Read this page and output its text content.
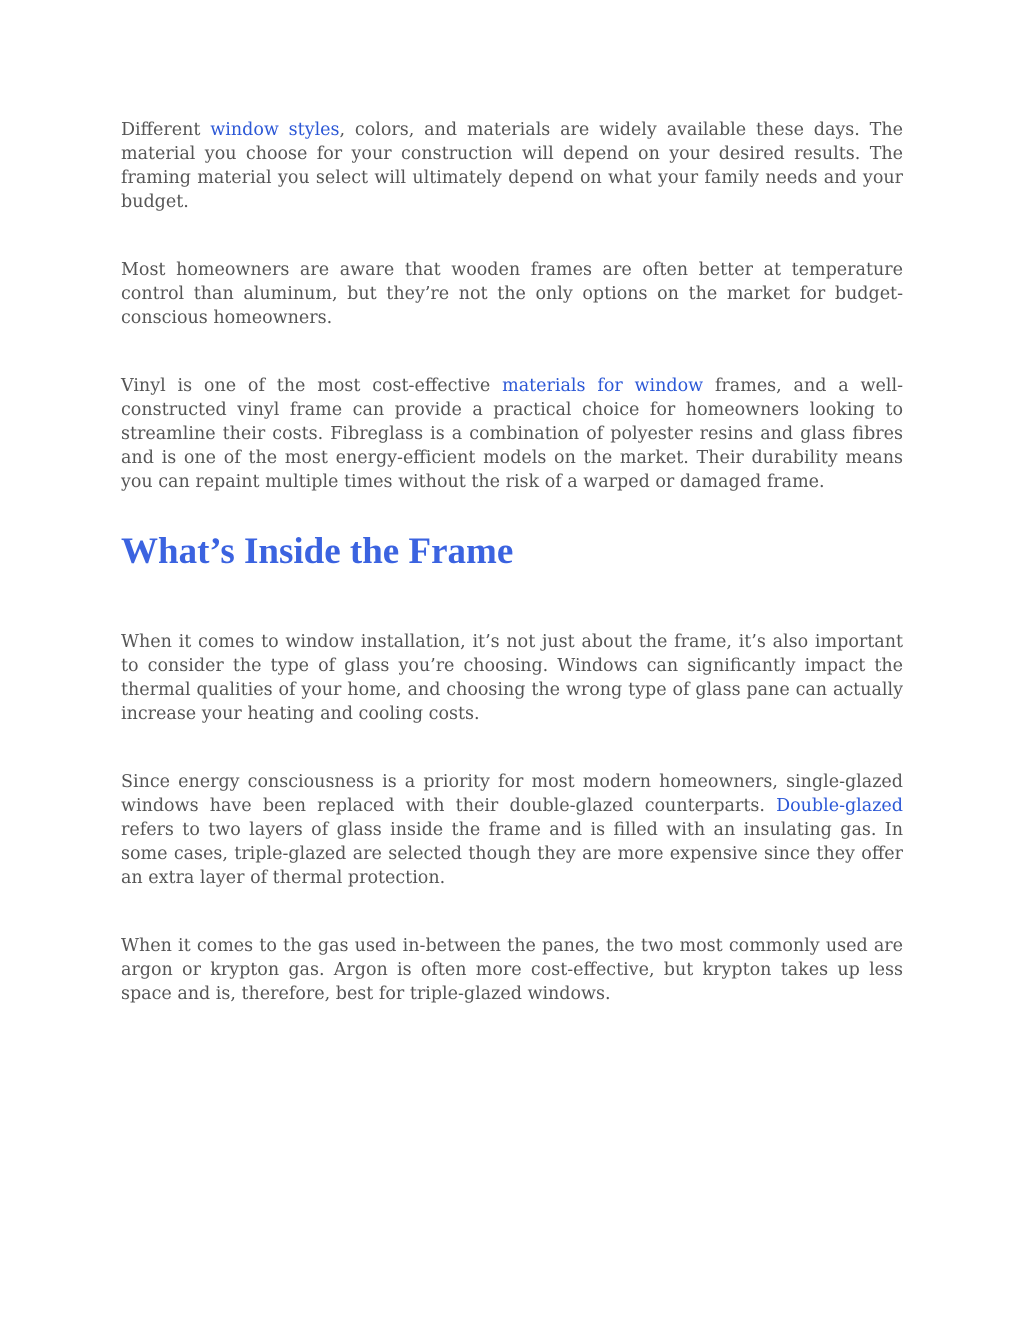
Different window styles, colors, and materials are widely available these days. The material you choose for your construction will depend on your desired results. The framing material you select will ultimately depend on what your family needs and your budget.

Most homeowners are aware that wooden frames are often better at temperature control than aluminum, but they’re not the only options on the market for budget-conscious homeowners.

Vinyl is one of the most cost-effective materials for window frames, and a well-constructed vinyl frame can provide a practical choice for homeowners looking to streamline their costs. Fibreglass is a combination of polyester resins and glass fibres and is one of the most energy-efficient models on the market. Their durability means you can repaint multiple times without the risk of a warped or damaged frame.

What’s Inside the Frame

When it comes to window installation, it’s not just about the frame, it’s also important to consider the type of glass you’re choosing. Windows can significantly impact the thermal qualities of your home, and choosing the wrong type of glass pane can actually increase your heating and cooling costs.

Since energy consciousness is a priority for most modern homeowners, single-glazed windows have been replaced with their double-glazed counterparts. Double-glazed refers to two layers of glass inside the frame and is filled with an insulating gas. In some cases, triple-glazed are selected though they are more expensive since they offer an extra layer of thermal protection.

When it comes to the gas used in-between the panes, the two most commonly used are argon or krypton gas. Argon is often more cost-effective, but krypton takes up less space and is, therefore, best for triple-glazed windows.
